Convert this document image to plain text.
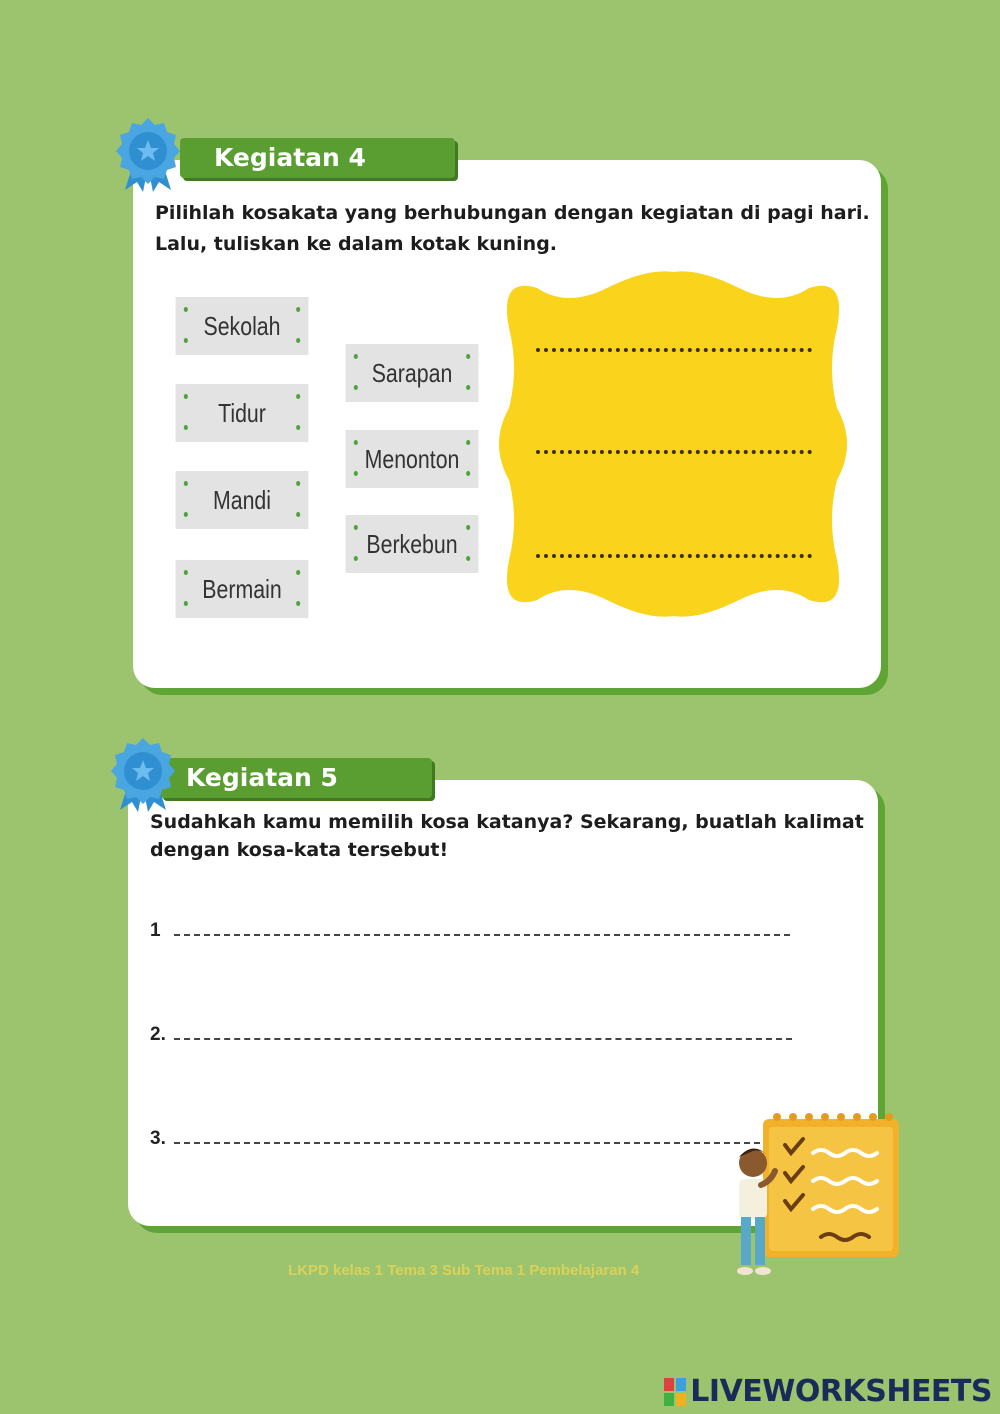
Kegiatan 4

Pilihlah kosakata yang berhubungan dengan kegiatan di pagi hari. Lalu, tuliskan ke dalam kotak kuning.

Sekolah
Tidur
Mandi
Bermain
Sarapan
Menonton
Berkebun
Kegiatan 5

Sudahkah kamu memilih kosa katanya? Sekarang, buatlah kalimat dengan kosa-kata tersebut!

1
2.
3.
LKPD kelas 1 Tema 3 Sub Tema 1 Pembelajaran 4
LIVEWORKSHEETS
